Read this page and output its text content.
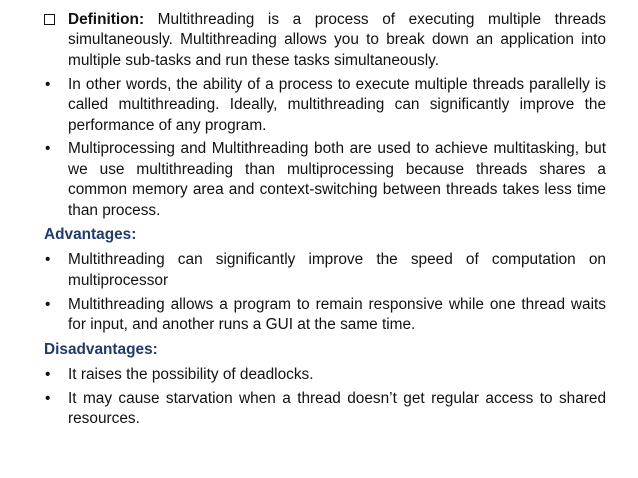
Definition: Multithreading is a process of executing multiple threads simultaneously. Multithreading allows you to break down an application into multiple sub-tasks and run these tasks simultaneously.
• In other words, the ability of a process to execute multiple threads parallelly is called multithreading. Ideally, multithreading can significantly improve the performance of any program.
• Multiprocessing and Multithreading both are used to achieve multitasking, but we use multithreading than multiprocessing because threads shares a common memory area and context-switching between threads takes less time than process.
Advantages:
• Multithreading can significantly improve the speed of computation on multiprocessor
• Multithreading allows a program to remain responsive while one thread waits for input, and another runs a GUI at the same time.
Disadvantages:
• It raises the possibility of deadlocks.
• It may cause starvation when a thread doesn’t get regular access to shared resources.
